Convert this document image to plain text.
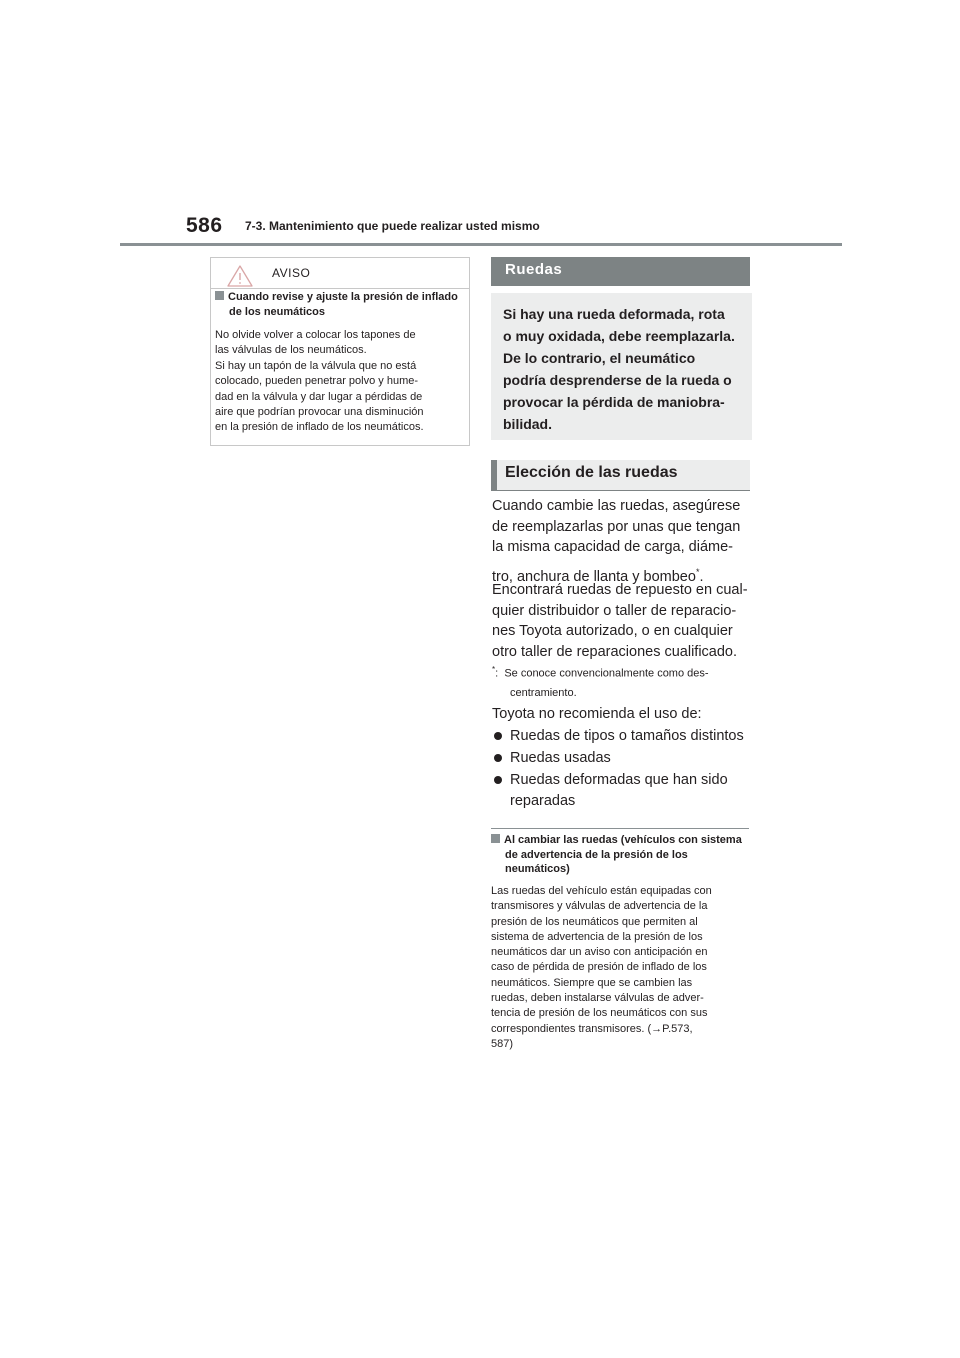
586 7-3. Mantenimiento que puede realizar usted mismo
AVISO
Cuando revise y ajuste la presión de inflado de los neumáticos
No olvide volver a colocar los tapones de
las válvulas de los neumáticos.
Si hay un tapón de la válvula que no está
colocado, pueden penetrar polvo y hume-
dad en la válvula y dar lugar a pérdidas de
aire que podrían provocar una disminución
en la presión de inflado de los neumáticos.
Ruedas

Si hay una rueda deformada, rota

o muy oxidada, debe reemplazarla.

De lo contrario, el neumático

podría desprenderse de la rueda o

provocar la pérdida de maniobra-

bilidad.

Elección de las ruedas
Cuando cambie las ruedas, asegúrese
de reemplazarlas por unas que tengan
la misma capacidad de carga, diáme-
tro, anchura de llanta y bombeo*.
Encontrará ruedas de repuesto en cual-
quier distribuidor o taller de reparacio-
nes Toyota autorizado, o en cualquier
otro taller de reparaciones cualificado.
*: Se conoce convencionalmente como des-
centramiento.
Toyota no recomienda el uso de:
Ruedas de tipos o tamaños distintos
Ruedas usadas
Ruedas deformadas que han sido reparadas
Al cambiar las ruedas (vehículos con sistema de advertencia de la presión de los neumáticos)
Las ruedas del vehículo están equipadas con
transmisores y válvulas de advertencia de la
presión de los neumáticos que permiten al
sistema de advertencia de la presión de los
neumáticos dar un aviso con anticipación en
caso de pérdida de presión de inflado de los
neumáticos. Siempre que se cambien las
ruedas, deben instalarse válvulas de adver-
tencia de presión de los neumáticos con sus
correspondientes transmisores. (→P.573,
587)
